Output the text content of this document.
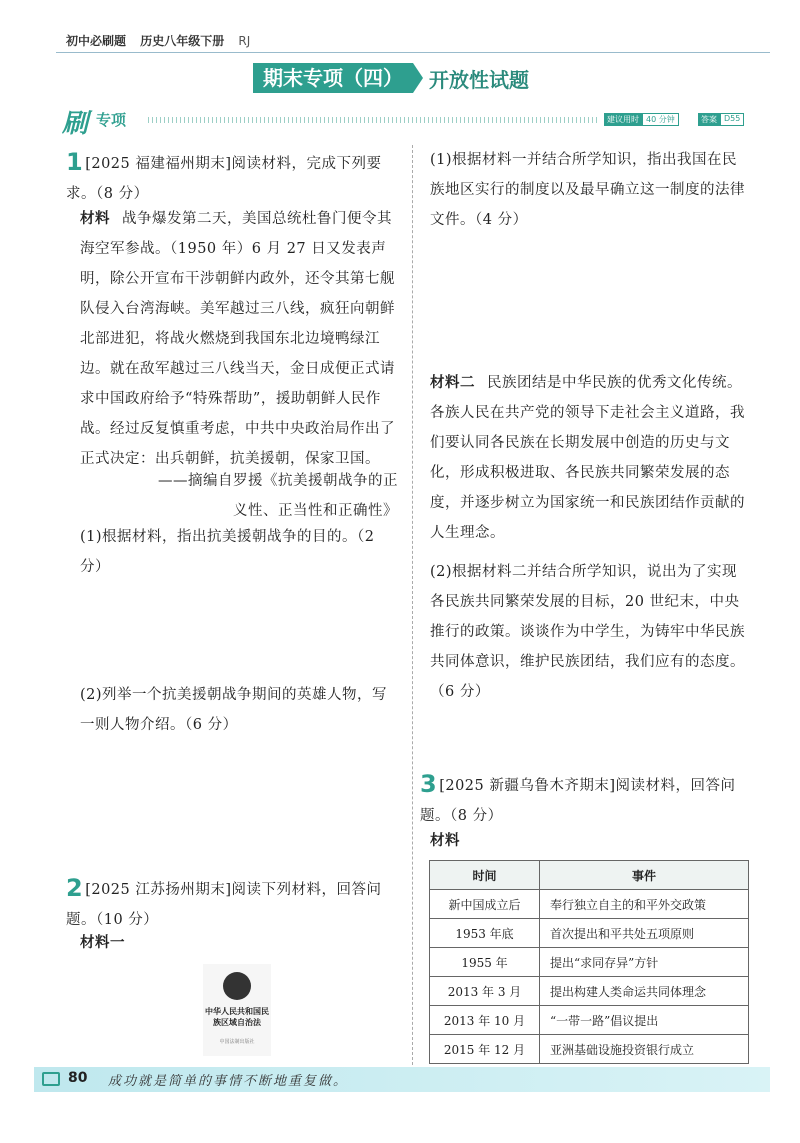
初中必刷题 历史八年级下册 RJ
期末专项（四）	开放性试题
刷 专项	建议用时 40 分钟	答案 D55
1 [2025 福建福州期末]阅读材料，完成下列要求。（8 分）
材料 战争爆发第二天，美国总统杜鲁门便令其海空军参战。（1950 年）6 月 27 日又发表声明，除公开宣布干涉朝鲜内政外，还令其第七舰队侵入台湾海峡。美军越过三八线，疯狂向朝鲜北部进犯，将战火燃烧到我国东北边境鸭绿江边。就在敌军越过三八线当天，金日成便正式请求中国政府给予“特殊帮助”，援助朝鲜人民作战。经过反复慎重考虑，中共中央政治局作出了正式决定：出兵朝鲜，抗美援朝，保家卫国。
——摘编自罗援《抗美援朝战争的正义性、正当性和正确性》
(1)根据材料，指出抗美援朝战争的目的。（2 分）
(2)列举一个抗美援朝战争期间的英雄人物，写一则人物介绍。（6 分）
2 [2025 江苏扬州期末]阅读下列材料，回答问题。（10 分）
材料一
中华人民共和国民族区域自治法
中国法制出版社
(1)根据材料一并结合所学知识，指出我国在民族地区实行的制度以及最早确立这一制度的法律文件。（4 分）
材料二 民族团结是中华民族的优秀文化传统。各族人民在共产党的领导下走社会主义道路，我们要认同各民族在长期发展中创造的历史与文化，形成积极进取、各民族共同繁荣发展的态度，并逐步树立为国家统一和民族团结作贡献的人生理念。
(2)根据材料二并结合所学知识，说出为了实现各民族共同繁荣发展的目标，20 世纪末，中央推行的政策。谈谈作为中学生，为铸牢中华民族共同体意识，维护民族团结，我们应有的态度。（6 分）
3 [2025 新疆乌鲁木齐期末]阅读材料，回答问题。（8 分）
材料
时间	事件
新中国成立后	奉行独立自主的和平外交政策
1953 年底	首次提出和平共处五项原则
1955 年	提出“求同存异”方针
2013 年 3 月	提出构建人类命运共同体理念
2013 年 10 月	“一带一路”倡议提出
2015 年 12 月	亚洲基础设施投资银行成立
80 成功就是简单的事情不断地重复做。
